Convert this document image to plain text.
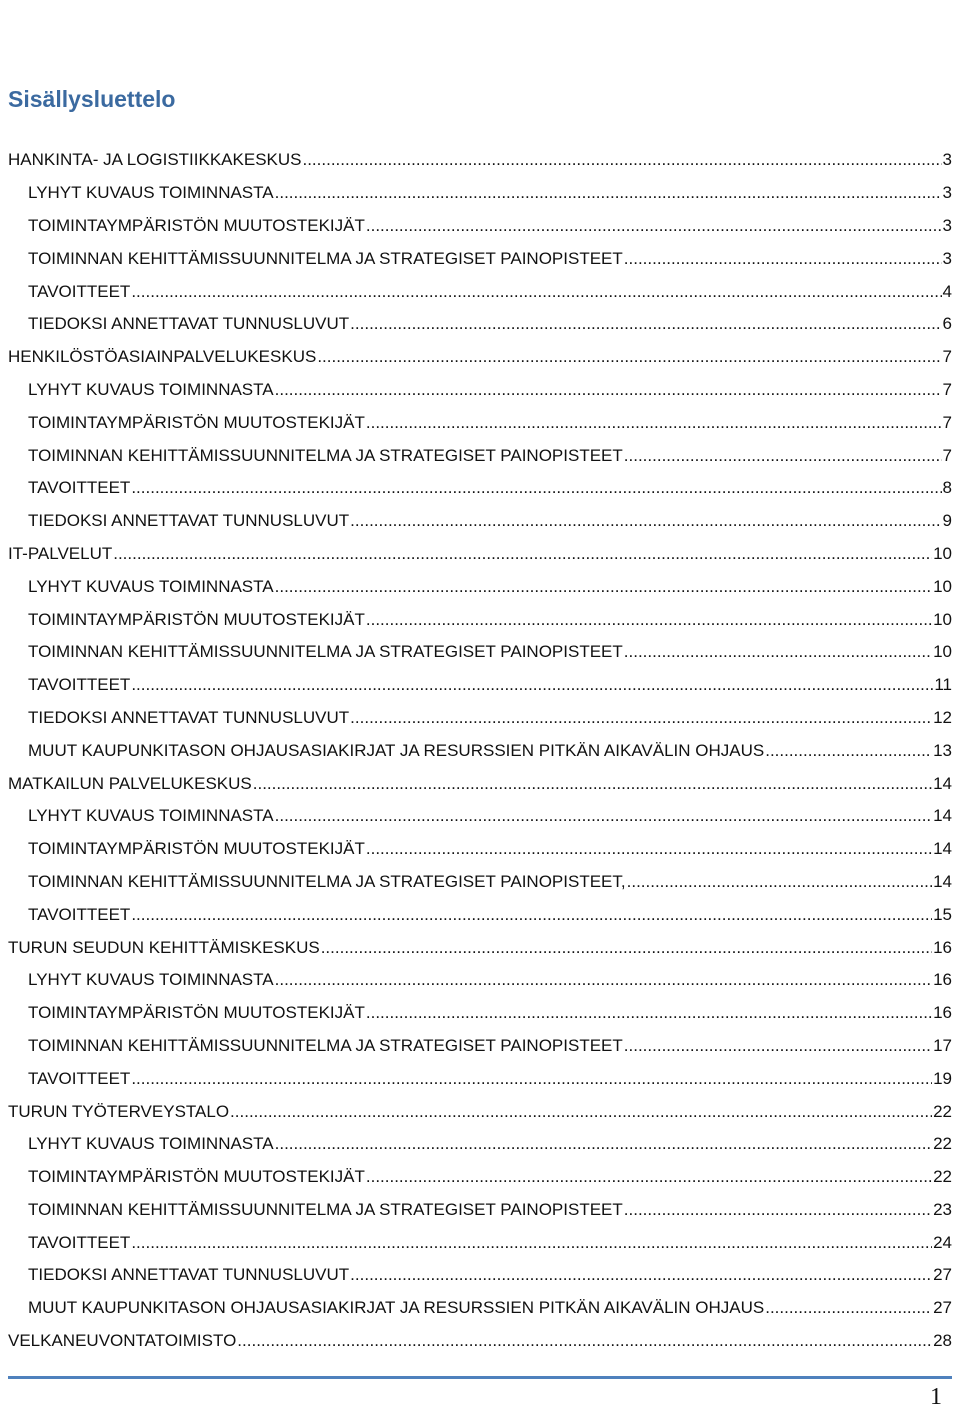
Sisällysluettelo
HANKINTA- JA LOGISTIIKKAKESKUS .....	3
LYHYT KUVAUS TOIMINNASTA .....	3
TOIMINTAYMPÄRISTÖN MUUTOSTEKIJÄT .....	3
TOIMINNAN KEHITTÄMISSUUNNITELMA JA STRATEGISET PAINOPISTEET .....	3
TAVOITTEET .....	4
TIEDOKSI ANNETTAVAT TUNNUSLUVUT .....	6
HENKILÖSTÖASIAINPALVELUKESKUS .....	7
LYHYT KUVAUS TOIMINNASTA .....	7
TOIMINTAYMPÄRISTÖN MUUTOSTEKIJÄT .....	7
TOIMINNAN KEHITTÄMISSUUNNITELMA JA STRATEGISET PAINOPISTEET .....	7
TAVOITTEET .....	8
TIEDOKSI ANNETTAVAT TUNNUSLUVUT .....	9
IT-PALVELUT .....	10
LYHYT KUVAUS TOIMINNASTA .....	10
TOIMINTAYMPÄRISTÖN MUUTOSTEKIJÄT .....	10
TOIMINNAN KEHITTÄMISSUUNNITELMA JA STRATEGISET PAINOPISTEET .....	10
TAVOITTEET .....	11
TIEDOKSI ANNETTAVAT TUNNUSLUVUT .....	12
MUUT KAUPUNKITASON OHJAUSASIAKIRJAT JA RESURSSIEN PITKÄN AIKAVÄLIN OHJAUS .....	13
MATKAILUN PALVELUKESKUS .....	14
LYHYT KUVAUS TOIMINNASTA .....	14
TOIMINTAYMPÄRISTÖN MUUTOSTEKIJÄT .....	14
TOIMINNAN KEHITTÄMISSUUNNITELMA JA STRATEGISET PAINOPISTEET, .....	14
TAVOITTEET .....	15
TURUN SEUDUN KEHITTÄMISKESKUS .....	16
LYHYT KUVAUS TOIMINNASTA .....	16
TOIMINTAYMPÄRISTÖN MUUTOSTEKIJÄT .....	16
TOIMINNAN KEHITTÄMISSUUNNITELMA JA STRATEGISET PAINOPISTEET .....	17
TAVOITTEET .....	19
TURUN TYÖTERVEYSTALO .....	22
LYHYT KUVAUS TOIMINNASTA .....	22
TOIMINTAYMPÄRISTÖN MUUTOSTEKIJÄT .....	22
TOIMINNAN KEHITTÄMISSUUNNITELMA JA STRATEGISET PAINOPISTEET .....	23
TAVOITTEET .....	24
TIEDOKSI ANNETTAVAT TUNNUSLUVUT .....	27
MUUT KAUPUNKITASON OHJAUSASIAKIRJAT JA RESURSSIEN PITKÄN AIKAVÄLIN OHJAUS .....	27
VELKANEUVONTATOIMISTO .....	28
1
